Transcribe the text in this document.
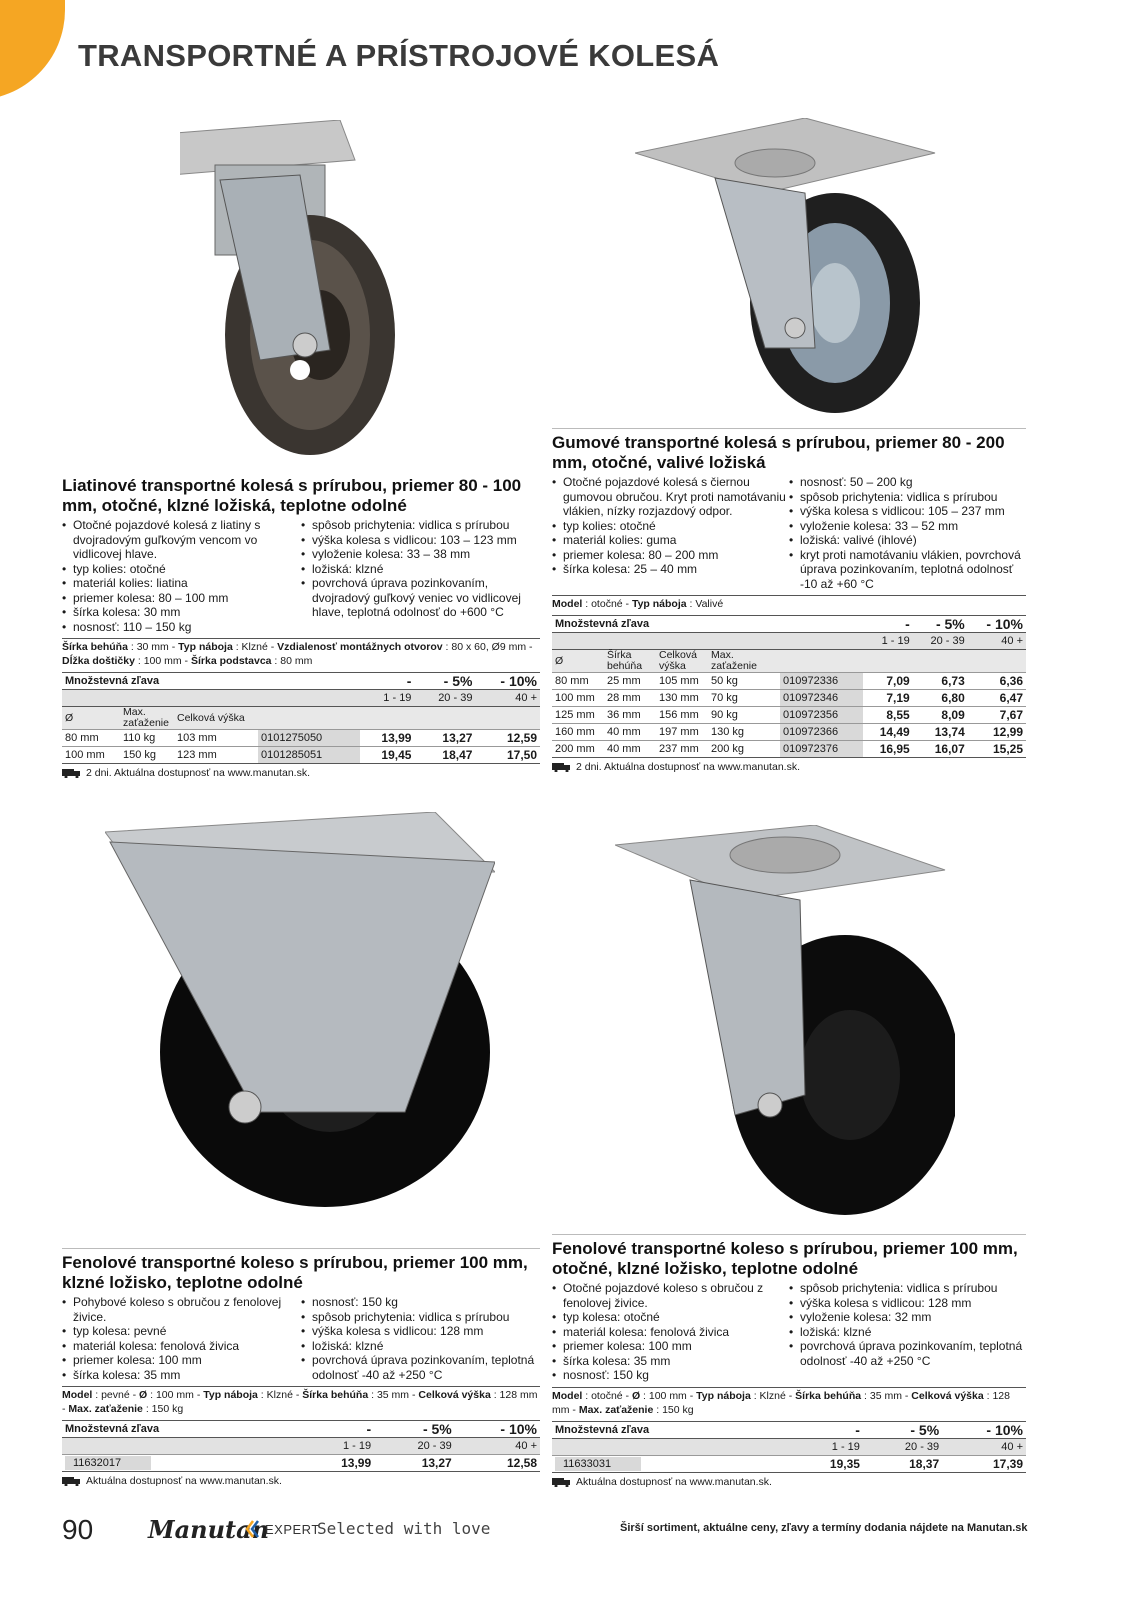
TRANSPORTNÉ A PRÍSTROJOVÉ KOLESÁ
Liatinové transportné kolesá s prírubou, priemer 80 - 100 mm, otočné, klzné ložiská, teplotne odolné
• Otočné pojazdové kolesá z liatiny s dvojradovým guľkovým vencom vo vidlicovej hlave.
• typ kolies: otočné
• materiál kolies: liatina
• priemer kolesa: 80 – 100 mm
• šírka kolesa: 30 mm
• nosnosť: 110 – 150 kg
• spôsob prichytenia: vidlica s prírubou
• výška kolesa s vidlicou: 103 – 123 mm
• vyloženie kolesa: 33 – 38 mm
• ložiská: klzné
• povrchová úprava pozinkovaním, dvojradový guľkový veniec vo vidlicovej hlave, teplotná odolnosť do +600 °C
Šírka behúňa : 30 mm - Typ náboja : Klzné - Vzdialenosť montážnych otvorov : 80 x 60, Ø9 mm - Dĺžka doštičky : 100 mm - Šírka podstavca : 80 mm
Množstevná zľava				-	- 5%	- 10%
				1 - 19	20 - 39	40 +
Ø	Max. zaťaženie	Celková výška				
80 mm	110 kg	103 mm	0101275050	13,99	13,27	12,59
100 mm	150 kg	123 mm	0101285051	19,45	18,47	17,50
2 dni. Aktuálna dostupnosť na www.manutan.sk.
Gumové transportné kolesá s prírubou, priemer 80 - 200 mm, otočné, valivé ložiská
• Otočné pojazdové kolesá s čiernou gumovou obručou. Kryt proti namotávaniu vlákien, nízky rozjazdový odpor.
• typ kolies: otočné
• materiál kolies: guma
• priemer kolesa: 80 – 200 mm
• šírka kolesa: 25 – 40 mm
• nosnosť: 50 – 200 kg
• spôsob prichytenia: vidlica s prírubou
• výška kolesa s vidlicou: 105 – 237 mm
• vyloženie kolesa: 33 – 52 mm
• ložiská: valivé (ihlové)
• kryt proti namotávaniu vlákien, povrchová úprava pozinkovaním, teplotná odolnosť -10 až +60 °C
Model : otočné - Typ náboja : Valivé
Množstevná zľava					-	- 5%	- 10%
					1 - 19	20 - 39	40 +
Ø	Šírka behúňa	Celková výška	Max. zaťaženie				
80 mm	25 mm	105 mm	50 kg	010972336	7,09	6,73	6,36
100 mm	28 mm	130 mm	70 kg	010972346	7,19	6,80	6,47
125 mm	36 mm	156 mm	90 kg	010972356	8,55	8,09	7,67
160 mm	40 mm	197 mm	130 kg	010972366	14,49	13,74	12,99
200 mm	40 mm	237 mm	200 kg	010972376	16,95	16,07	15,25
2 dni. Aktuálna dostupnosť na www.manutan.sk.
Fenolové transportné koleso s prírubou, priemer 100 mm, klzné ložisko, teplotne odolné
• Pohybové koleso s obručou z fenolovej živice.
• typ kolesa: pevné
• materiál kolesa: fenolová živica
• priemer kolesa: 100 mm
• šírka kolesa: 35 mm
• nosnosť: 150 kg
• spôsob prichytenia: vidlica s prírubou
• výška kolesa s vidlicou: 128 mm
• ložiská: klzné
• povrchová úprava pozinkovaním, teplotná odolnosť -40 až +250 °C
Model : pevné - Ø : 100 mm - Typ náboja : Klzné - Šírka behúňa : 35 mm - Celková výška : 128 mm - Max. zaťaženie : 150 kg
Množstevná zľava	-	- 5%	- 10%
	1 - 19	20 - 39	40 +
11632017	13,99	13,27	12,58
Aktuálna dostupnosť na www.manutan.sk.
Fenolové transportné koleso s prírubou, priemer 100 mm, otočné, klzné ložisko, teplotne odolné
• Otočné pojazdové koleso s obručou z fenolovej živice.
• typ kolesa: otočné
• materiál kolesa: fenolová živica
• priemer kolesa: 100 mm
• šírka kolesa: 35 mm
• nosnosť: 150 kg
• spôsob prichytenia: vidlica s prírubou
• výška kolesa s vidlicou: 128 mm
• vyloženie kolesa: 32 mm
• ložiská: klzné
• povrchová úprava pozinkovaním, teplotná odolnosť -40 až +250 °C
Model : otočné - Ø : 100 mm - Typ náboja : Klzné - Šírka behúňa : 35 mm - Celková výška : 128 mm - Max. zaťaženie : 150 kg
Množstevná zľava	-	- 5%	- 10%
	1 - 19	20 - 39	40 +
11633031	19,35	18,37	17,39
Aktuálna dostupnosť na www.manutan.sk.
90 Manutan
EXPERT
Selected with love	Širší sortiment, aktuálne ceny, zľavy a termíny dodania nájdete na Manutan.sk
